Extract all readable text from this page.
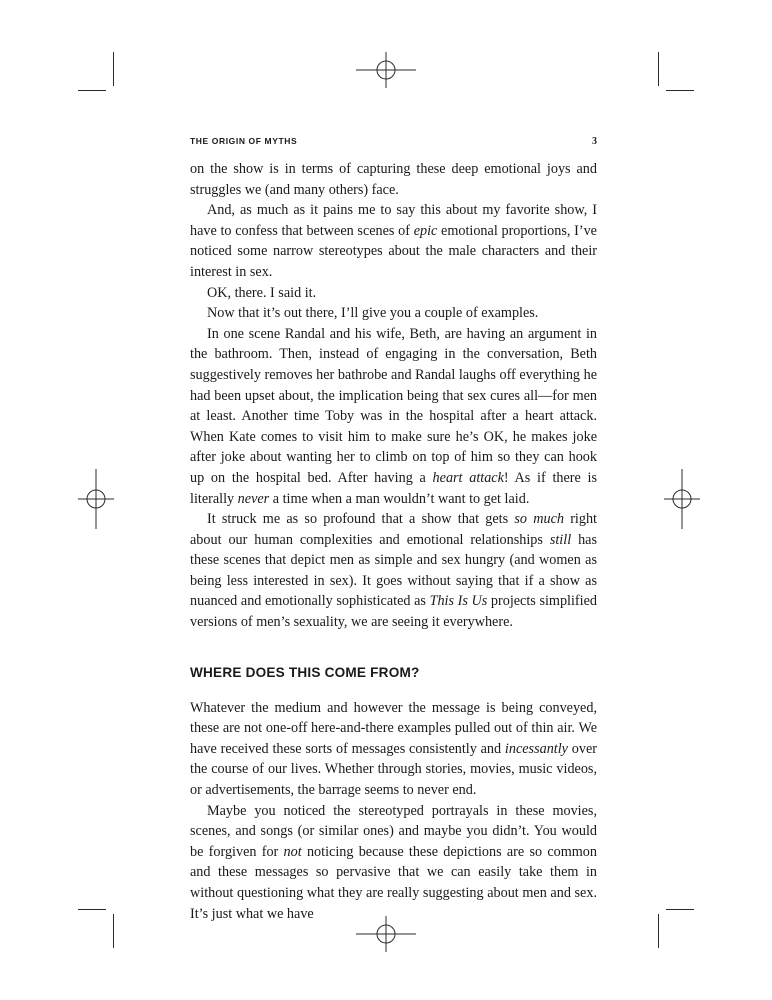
THE ORIGIN OF MYTHS	3

on the show is in terms of capturing these deep emotional joys and struggles we (and many others) face.

And, as much as it pains me to say this about my favorite show, I have to confess that between scenes of epic emotional proportions, I’ve noticed some narrow stereotypes about the male characters and their interest in sex.

OK, there. I said it.

Now that it’s out there, I’ll give you a couple of examples.

In one scene Randal and his wife, Beth, are having an argument in the bathroom. Then, instead of engaging in the conversation, Beth suggestively removes her bathrobe and Randal laughs off everything he had been upset about, the implication being that sex cures all—for men at least. Another time Toby was in the hospital after a heart attack. When Kate comes to visit him to make sure he’s OK, he makes joke after joke about wanting her to climb on top of him so they can hook up on the hospital bed. After having a heart attack! As if there is literally never a time when a man wouldn’t want to get laid.

It struck me as so profound that a show that gets so much right about our human complexities and emotional relationships still has these scenes that depict men as simple and sex hungry (and women as being less interested in sex). It goes without saying that if a show as nuanced and emotionally sophisticated as This Is Us projects simplified versions of men’s sexuality, we are seeing it everywhere.

WHERE DOES THIS COME FROM?

Whatever the medium and however the message is being conveyed, these are not one-off here-and-there examples pulled out of thin air. We have received these sorts of messages consistently and incessantly over the course of our lives. Whether through stories, movies, music videos, or advertisements, the barrage seems to never end.

Maybe you noticed the stereotyped portrayals in these movies, scenes, and songs (or similar ones) and maybe you didn’t. You would be forgiven for not noticing because these depictions are so common and these messages so pervasive that we can easily take them in without questioning what they are really suggesting about men and sex. It’s just what we have
